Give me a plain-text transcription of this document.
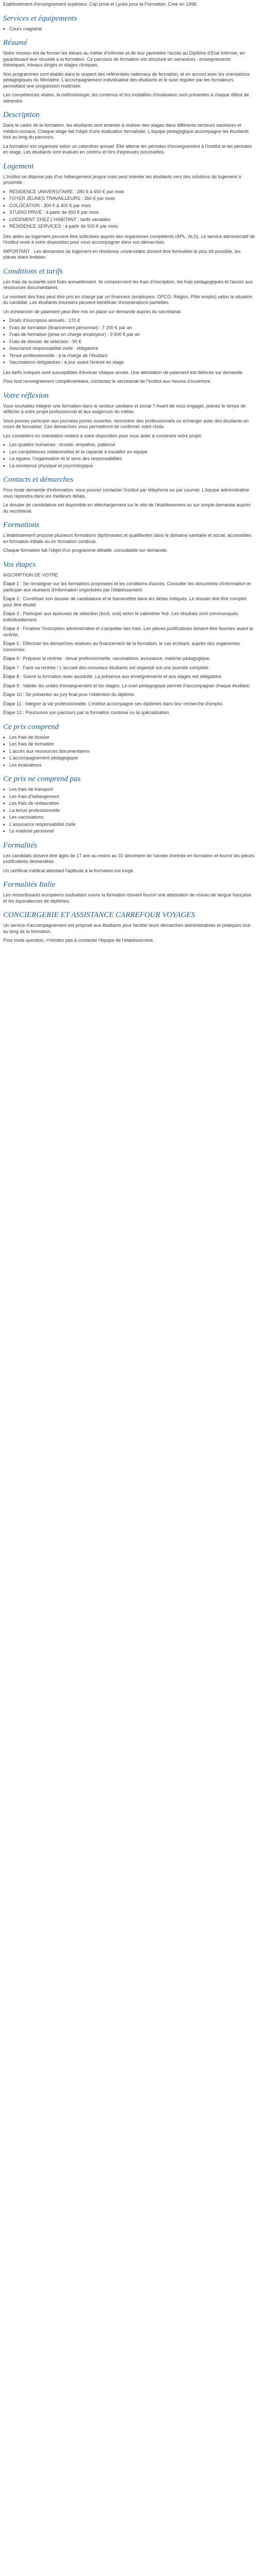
Etablissement d'enseignement supérieur, Cap privé et Lycée pour la Formation. Créé en 1998.

Services et équipements
• Cours magistral
Résumé

Notre mission est de former les élèves au métier d'Infirmier et de leur permettre l'accès au Diplôme d'État Infirmier, en garantissant leur réussite à la formation. Ce parcours de formation est structuré en semestres : enseignements théoriques, travaux dirigés et stages cliniques.

Nos programmes sont établis dans le respect des référentiels nationaux de formation, et en accord avec les orientations pédagogiques du Ministère. L'accompagnement individualisé des étudiants et le suivi régulier par les formateurs permettent une progression maîtrisée.

Les compétences visées, la méthodologie, les contenus et les modalités d'évaluation sont présentés à chaque début de semestre.

Description

Dans le cadre de la formation, les étudiants sont amenés à réaliser des stages dans différents secteurs sanitaires et médico-sociaux. Chaque stage fait l'objet d'une évaluation formalisée. L'équipe pédagogique accompagne les étudiants tout au long du parcours.

La formation est organisée selon un calendrier annuel. Elle alterne les périodes d'enseignement à l'institut et les périodes en stage. Les étudiants sont évalués en continu et lors d'épreuves ponctuelles.

Logement

L'Institut ne dispose pas d'un hébergement propre mais peut orienter les étudiants vers des solutions de logement à proximité.

• RÉSIDENCE UNIVERSITAIRE : 280 € à 450 € par mois
• FOYER JEUNES TRAVAILLEURS : 350 € par mois
• COLOCATION : 300 € à 400 € par mois
• STUDIO PRIVÉ : à partir de 450 € par mois
• LOGEMENT CHEZ L'HABITANT : tarifs variables
• RÉSIDENCE SERVICES : à partir de 500 € par mois

Des aides au logement peuvent être sollicitées auprès des organismes compétents (APL, ALS). Le service administratif de l'institut reste à votre disposition pour vous accompagner dans vos démarches.

IMPORTANT : Les demandes de logement en résidence universitaire doivent être formulées le plus tôt possible, les places étant limitées.

Conditions et tarifs

Les frais de scolarité sont fixés annuellement. Ils comprennent les frais d'inscription, les frais pédagogiques et l'accès aux ressources documentaires.

Le montant des frais peut être pris en charge par un financeur (employeur, OPCO, Région, Pôle emploi) selon la situation du candidat. Les étudiants boursiers peuvent bénéficier d'exonérations partielles.

Un échéancier de paiement peut être mis en place sur demande auprès du secrétariat.

• Droits d'inscription annuels : 170 €
• Frais de formation (financement personnel) : 7 200 € par an
• Frais de formation (prise en charge employeur) : 9 600 € par an
• Frais de dossier de sélection : 90 €
• Assurance responsabilité civile : obligatoire
• Tenue professionnelle : à la charge de l'étudiant
• Vaccinations obligatoires : à jour avant l'entrée en stage

Les tarifs indiqués sont susceptibles d'évoluer chaque année. Une attestation de paiement est délivrée sur demande.

Pour tout renseignement complémentaire, contactez le secrétariat de l'institut aux heures d'ouverture.

Votre réflexion

Vous souhaitez intégrer une formation dans le secteur sanitaire et social ? Avant de vous engager, prenez le temps de réfléchir à votre projet professionnel et aux exigences du métier.

Vous pouvez participer aux journées portes ouvertes, rencontrer des professionnels ou échanger avec des étudiants en cours de formation. Ces démarches vous permettront de confirmer votre choix.

Les conseillers en orientation restent à votre disposition pour vous aider à construire votre projet.

• Les qualités humaines : écoute, empathie, patience
• Les compétences relationnelles et la capacité à travailler en équipe
• La rigueur, l'organisation et le sens des responsabilités
• La résistance physique et psychologique
Contacts et démarches

Pour toute demande d'information, vous pouvez contacter l'institut par téléphone ou par courriel. L'équipe administrative vous répondra dans les meilleurs délais.

Le dossier de candidature est disponible en téléchargement sur le site de l'établissement ou sur simple demande auprès du secrétariat.

Formations

L'établissement propose plusieurs formations diplômantes et qualifiantes dans le domaine sanitaire et social, accessibles en formation initiale ou en formation continue.

Chaque formation fait l'objet d'un programme détaillé, consultable sur demande.

Vos étapes

INSCRIPTION DE VOTRE

Étape 1 : Se renseigner sur les formations proposées et les conditions d'accès. Consulter les documents d'information et participer aux réunions d'information organisées par l'établissement.

Étape 2 : Constituer son dossier de candidature et le transmettre dans les délais indiqués. Le dossier doit être complet pour être étudié.

Étape 3 : Participer aux épreuves de sélection (écrit, oral) selon le calendrier fixé. Les résultats sont communiqués individuellement.

Étape 4 : Finaliser l'inscription administrative et s'acquitter des frais. Les pièces justificatives doivent être fournies avant la rentrée.

Étape 5 : Effectuer les démarches relatives au financement de la formation, le cas échéant, auprès des organismes concernés.

Étape 6 : Préparer la rentrée : tenue professionnelle, vaccinations, assurance, matériel pédagogique.

Étape 7 : Faire sa rentrée ! L'accueil des nouveaux étudiants est organisé sur une journée complète.

Étape 8 : Suivre la formation avec assiduité. La présence aux enseignements et aux stages est obligatoire.

Étape 9 : Valider les unités d'enseignement et les stages. Le suivi pédagogique permet d'accompagner chaque étudiant.

Étape 10 : Se présenter au jury final pour l'obtention du diplôme.

Étape 11 : Intégrer la vie professionnelle. L'institut accompagne ses diplômés dans leur recherche d'emploi.

Étape 12 : Poursuivre son parcours par la formation continue ou la spécialisation.

Ce prix comprend
• Les frais de dossier
• Les frais de formation
• L'accès aux ressources documentaires
• L'accompagnement pédagogique
• Les évaluations
Ce prix ne comprend pas
• Les frais de transport
• Les frais d'hébergement
• Les frais de restauration
• La tenue professionnelle
• Les vaccinations
• L'assurance responsabilité civile
• Le matériel personnel
Formalités

Les candidats doivent être âgés de 17 ans au moins au 31 décembre de l'année d'entrée en formation et fournir les pièces justificatives demandées.

Un certificat médical attestant l'aptitude à la formation est exigé.

Formalités Italie

Les ressortissants européens souhaitant suivre la formation doivent fournir une attestation de niveau de langue française et les équivalences de diplômes.

CONCIERGERIE ET ASSISTANCE CARREFOUR VOYAGES

Un service d'accompagnement est proposé aux étudiants pour faciliter leurs démarches administratives et pratiques tout au long de la formation.

Pour toute question, n'hésitez pas à contacter l'équipe de l'établissement.
